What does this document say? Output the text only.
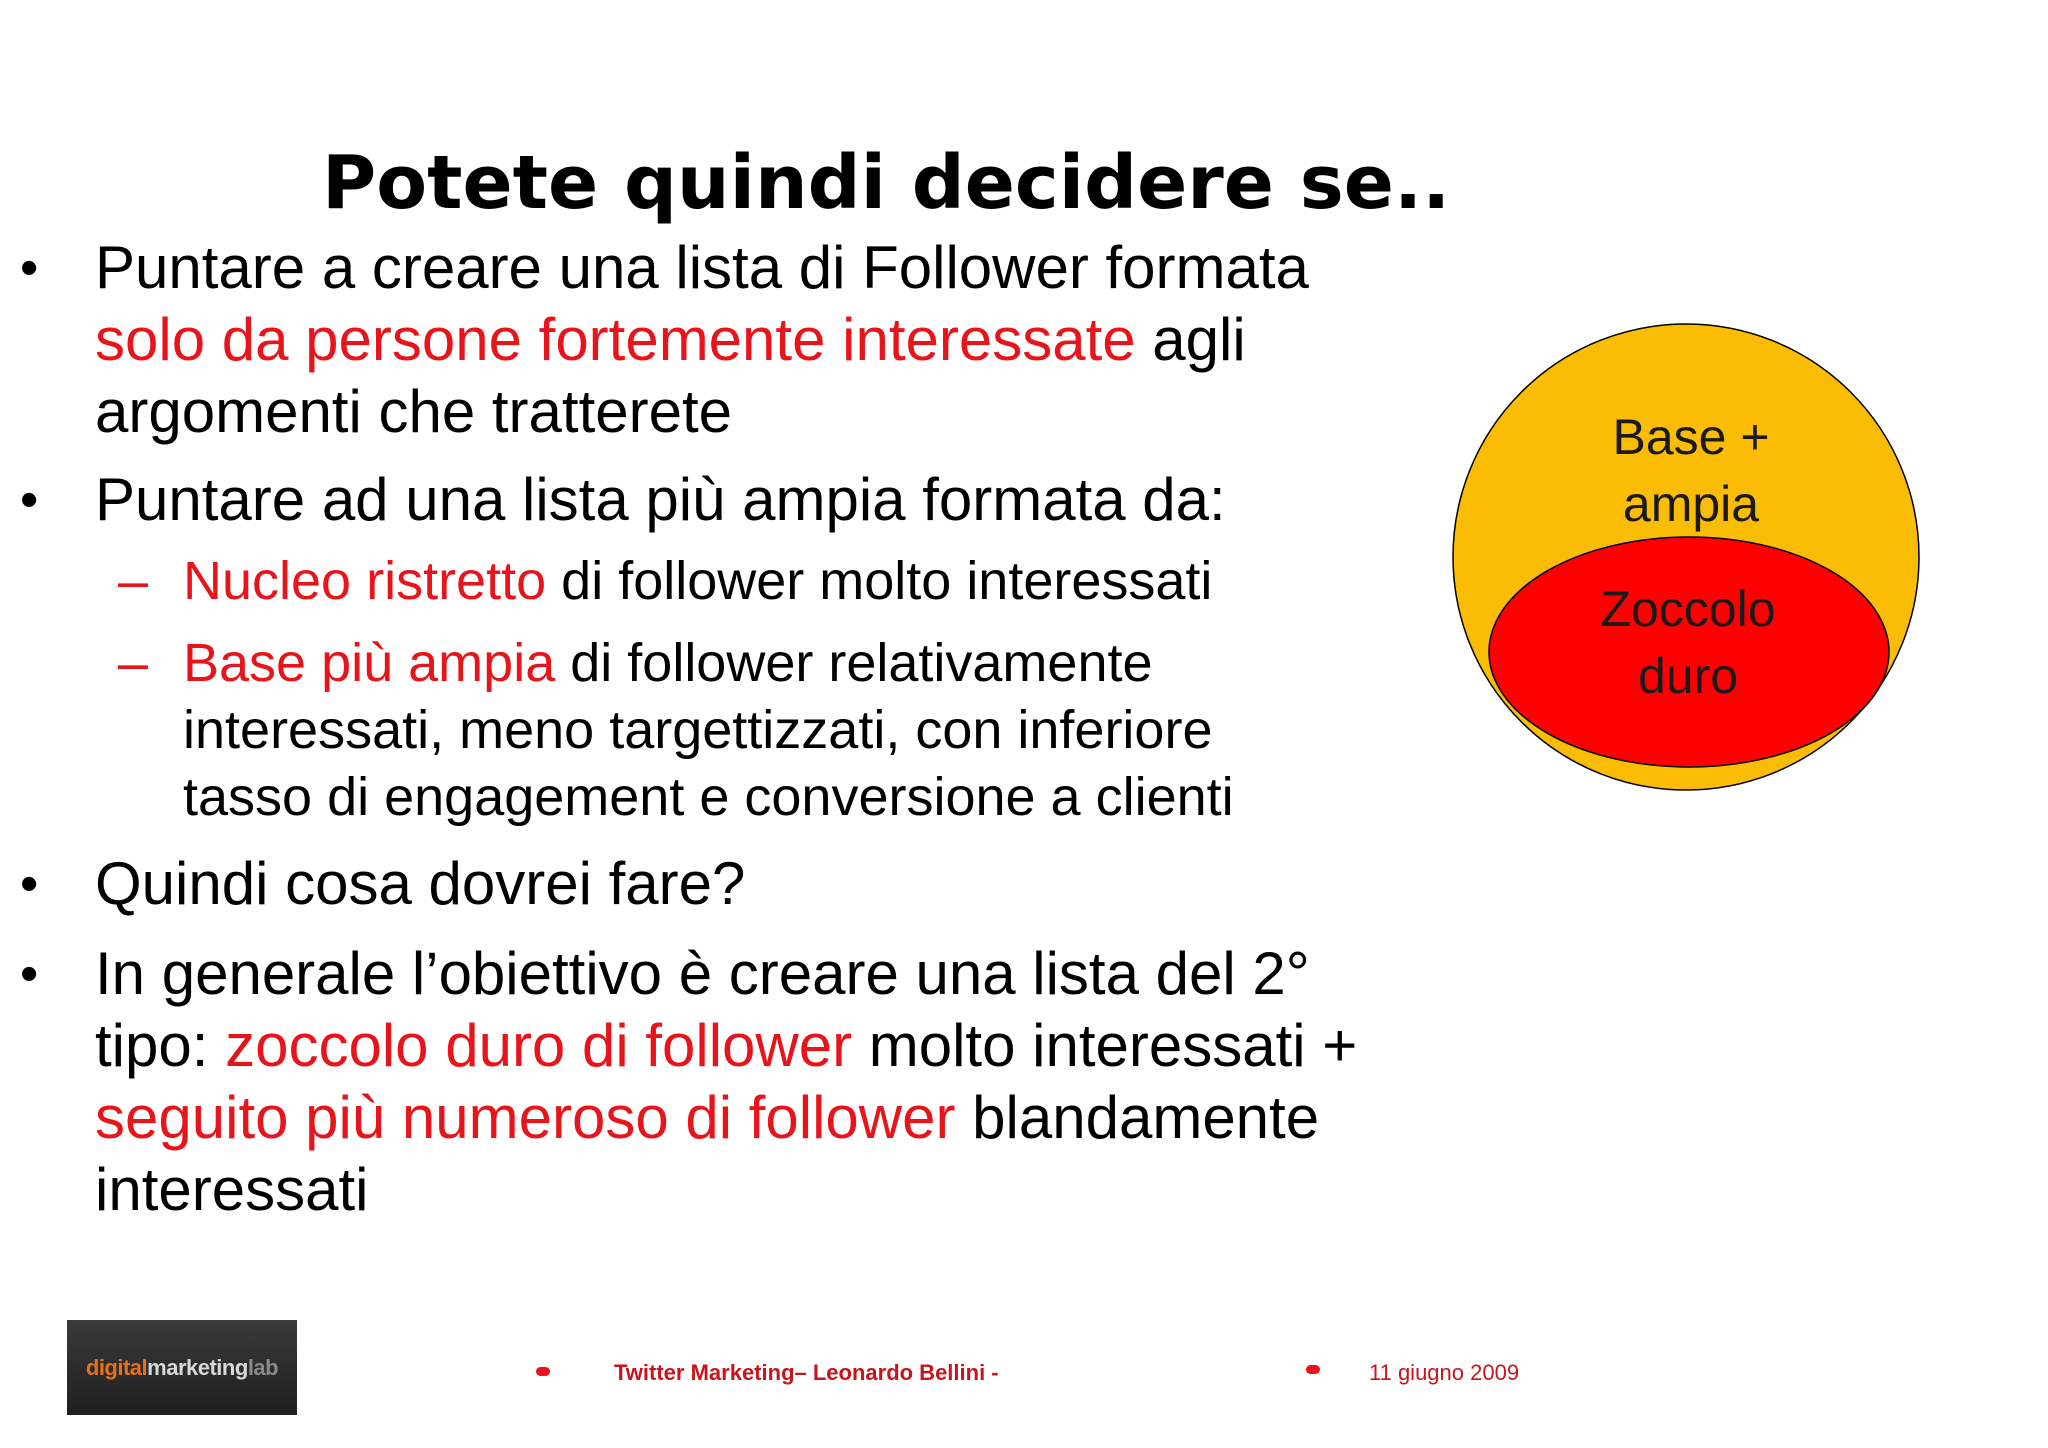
Potete quindi decidere se..
• Puntare a creare una lista di Follower formata
solo da persone fortemente interessate agli
argomenti che tratterete
• Puntare ad una lista più ampia formata da:
– Nucleo ristretto di follower molto interessati
– Base più ampia di follower relativamente
interessati, meno targettizzati, con inferiore
tasso di engagement e conversione a clienti
• Quindi cosa dovrei fare?
• In generale l’obiettivo è creare una lista del 2°
tipo: zoccolo duro di follower molto interessati +
seguito più numeroso di follower blandamente
interessati
Base +
ampia
Zoccolo
duro
digital marketing lab	Twitter Marketing– Leonardo Bellini -	11 giugno 2009
